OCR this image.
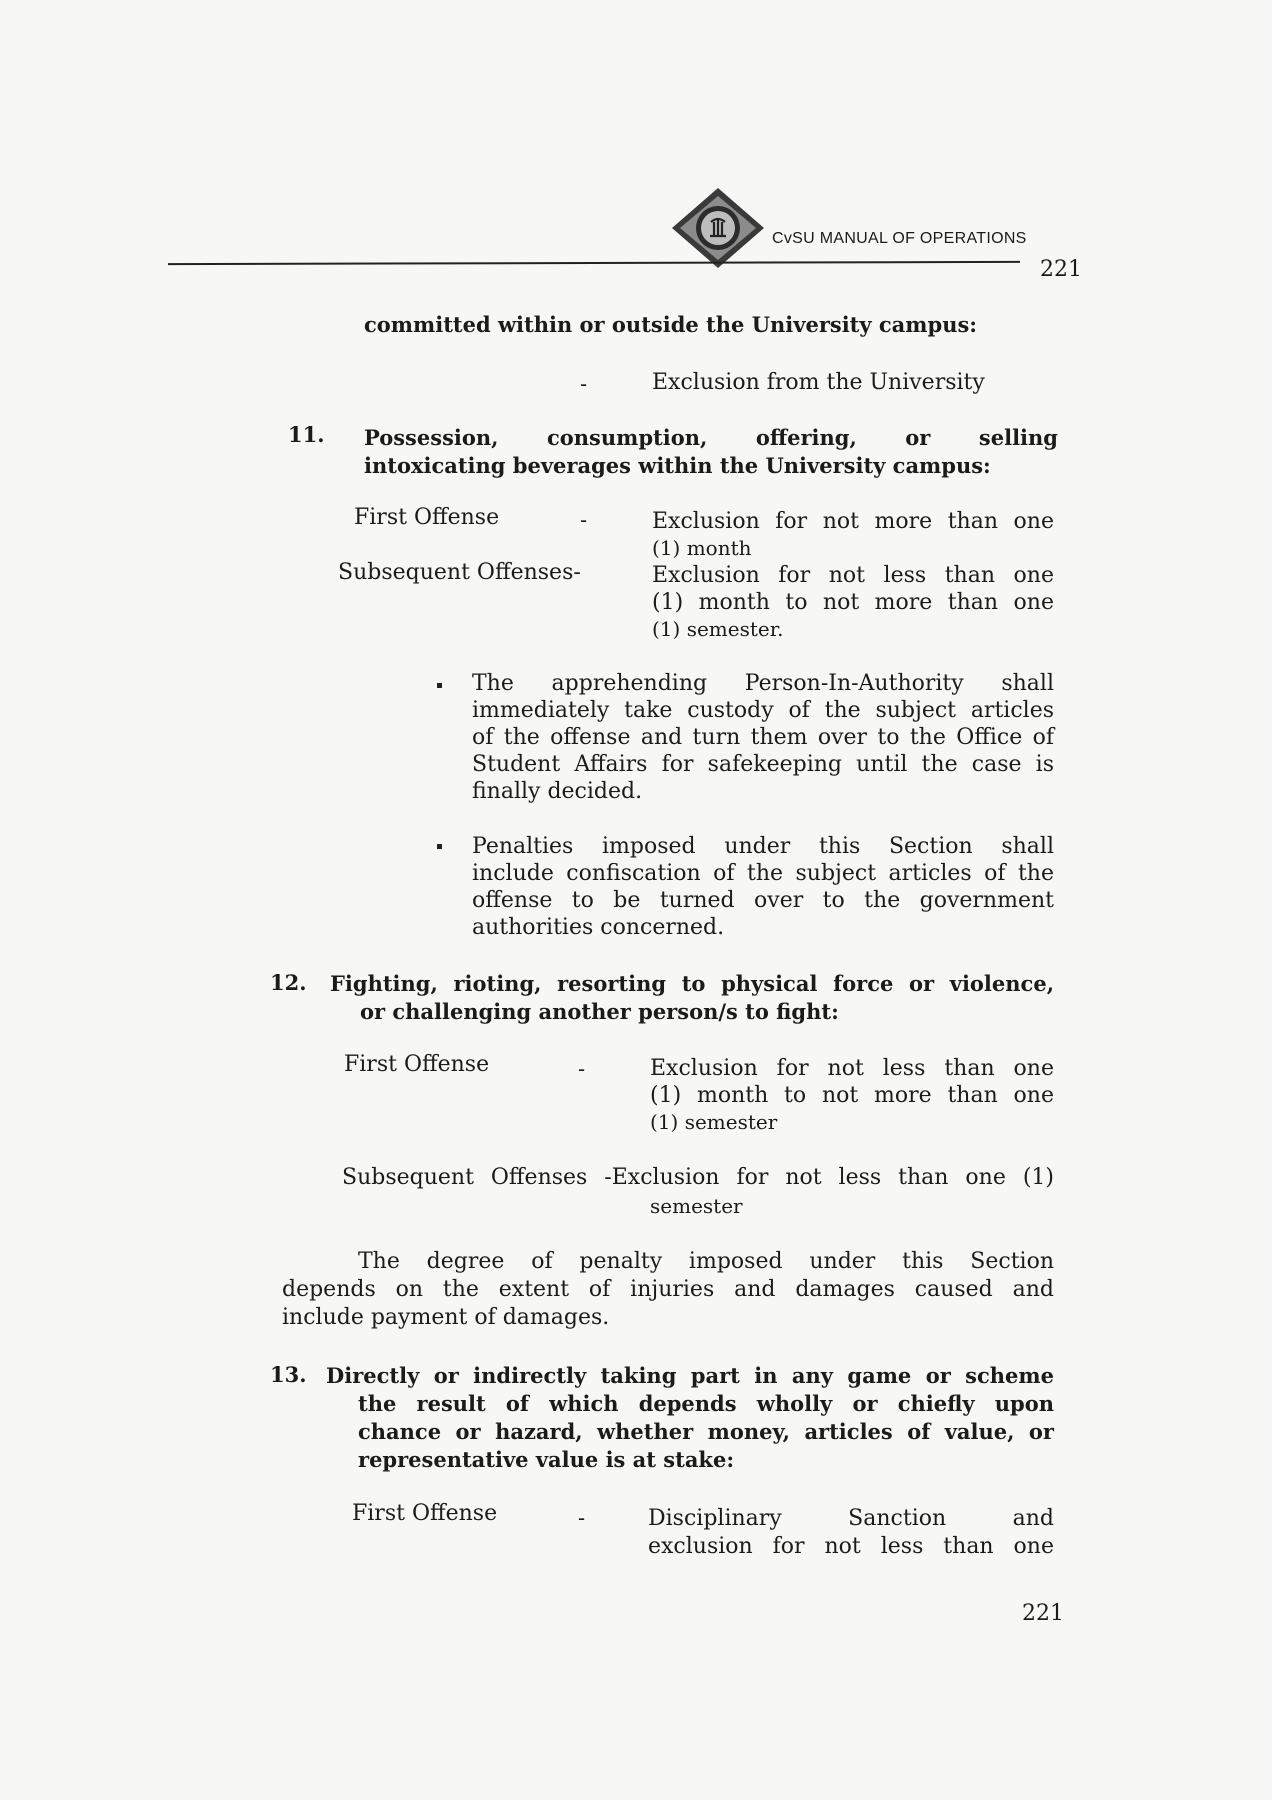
CvSU MANUAL OF OPERATIONS
221
committed within or outside the University campus:
-	Exclusion from the University
11. Possession, consumption, offering, or selling
intoxicating beverages within the University campus:
First Offense	-	Exclusion for not more than one
(1) month
Subsequent Offenses-	Exclusion for not less than one
(1) month to not more than one
(1) semester.
The apprehending Person-In-Authority shall
immediately take custody of the subject articles
of the offense and turn them over to the Office of
Student Affairs for safekeeping until the case is
finally decided.
Penalties imposed under this Section shall
include confiscation of the subject articles of the
offense to be turned over to the government
authorities concerned.
12. Fighting, rioting, resorting to physical force or violence,
or challenging another person/s to fight:
First Offense	-	Exclusion for not less than one
(1) month to not more than one
(1) semester
Subsequent Offenses -Exclusion for not less than one (1)
semester
The degree of penalty imposed under this Section
depends on the extent of injuries and damages caused and
include payment of damages.
13. Directly or indirectly taking part in any game or scheme
the result of which depends wholly or chiefly upon
chance or hazard, whether money, articles of value, or
representative value is at stake:
First Offense	-	Disciplinary Sanction and
exclusion for not less than one
221
